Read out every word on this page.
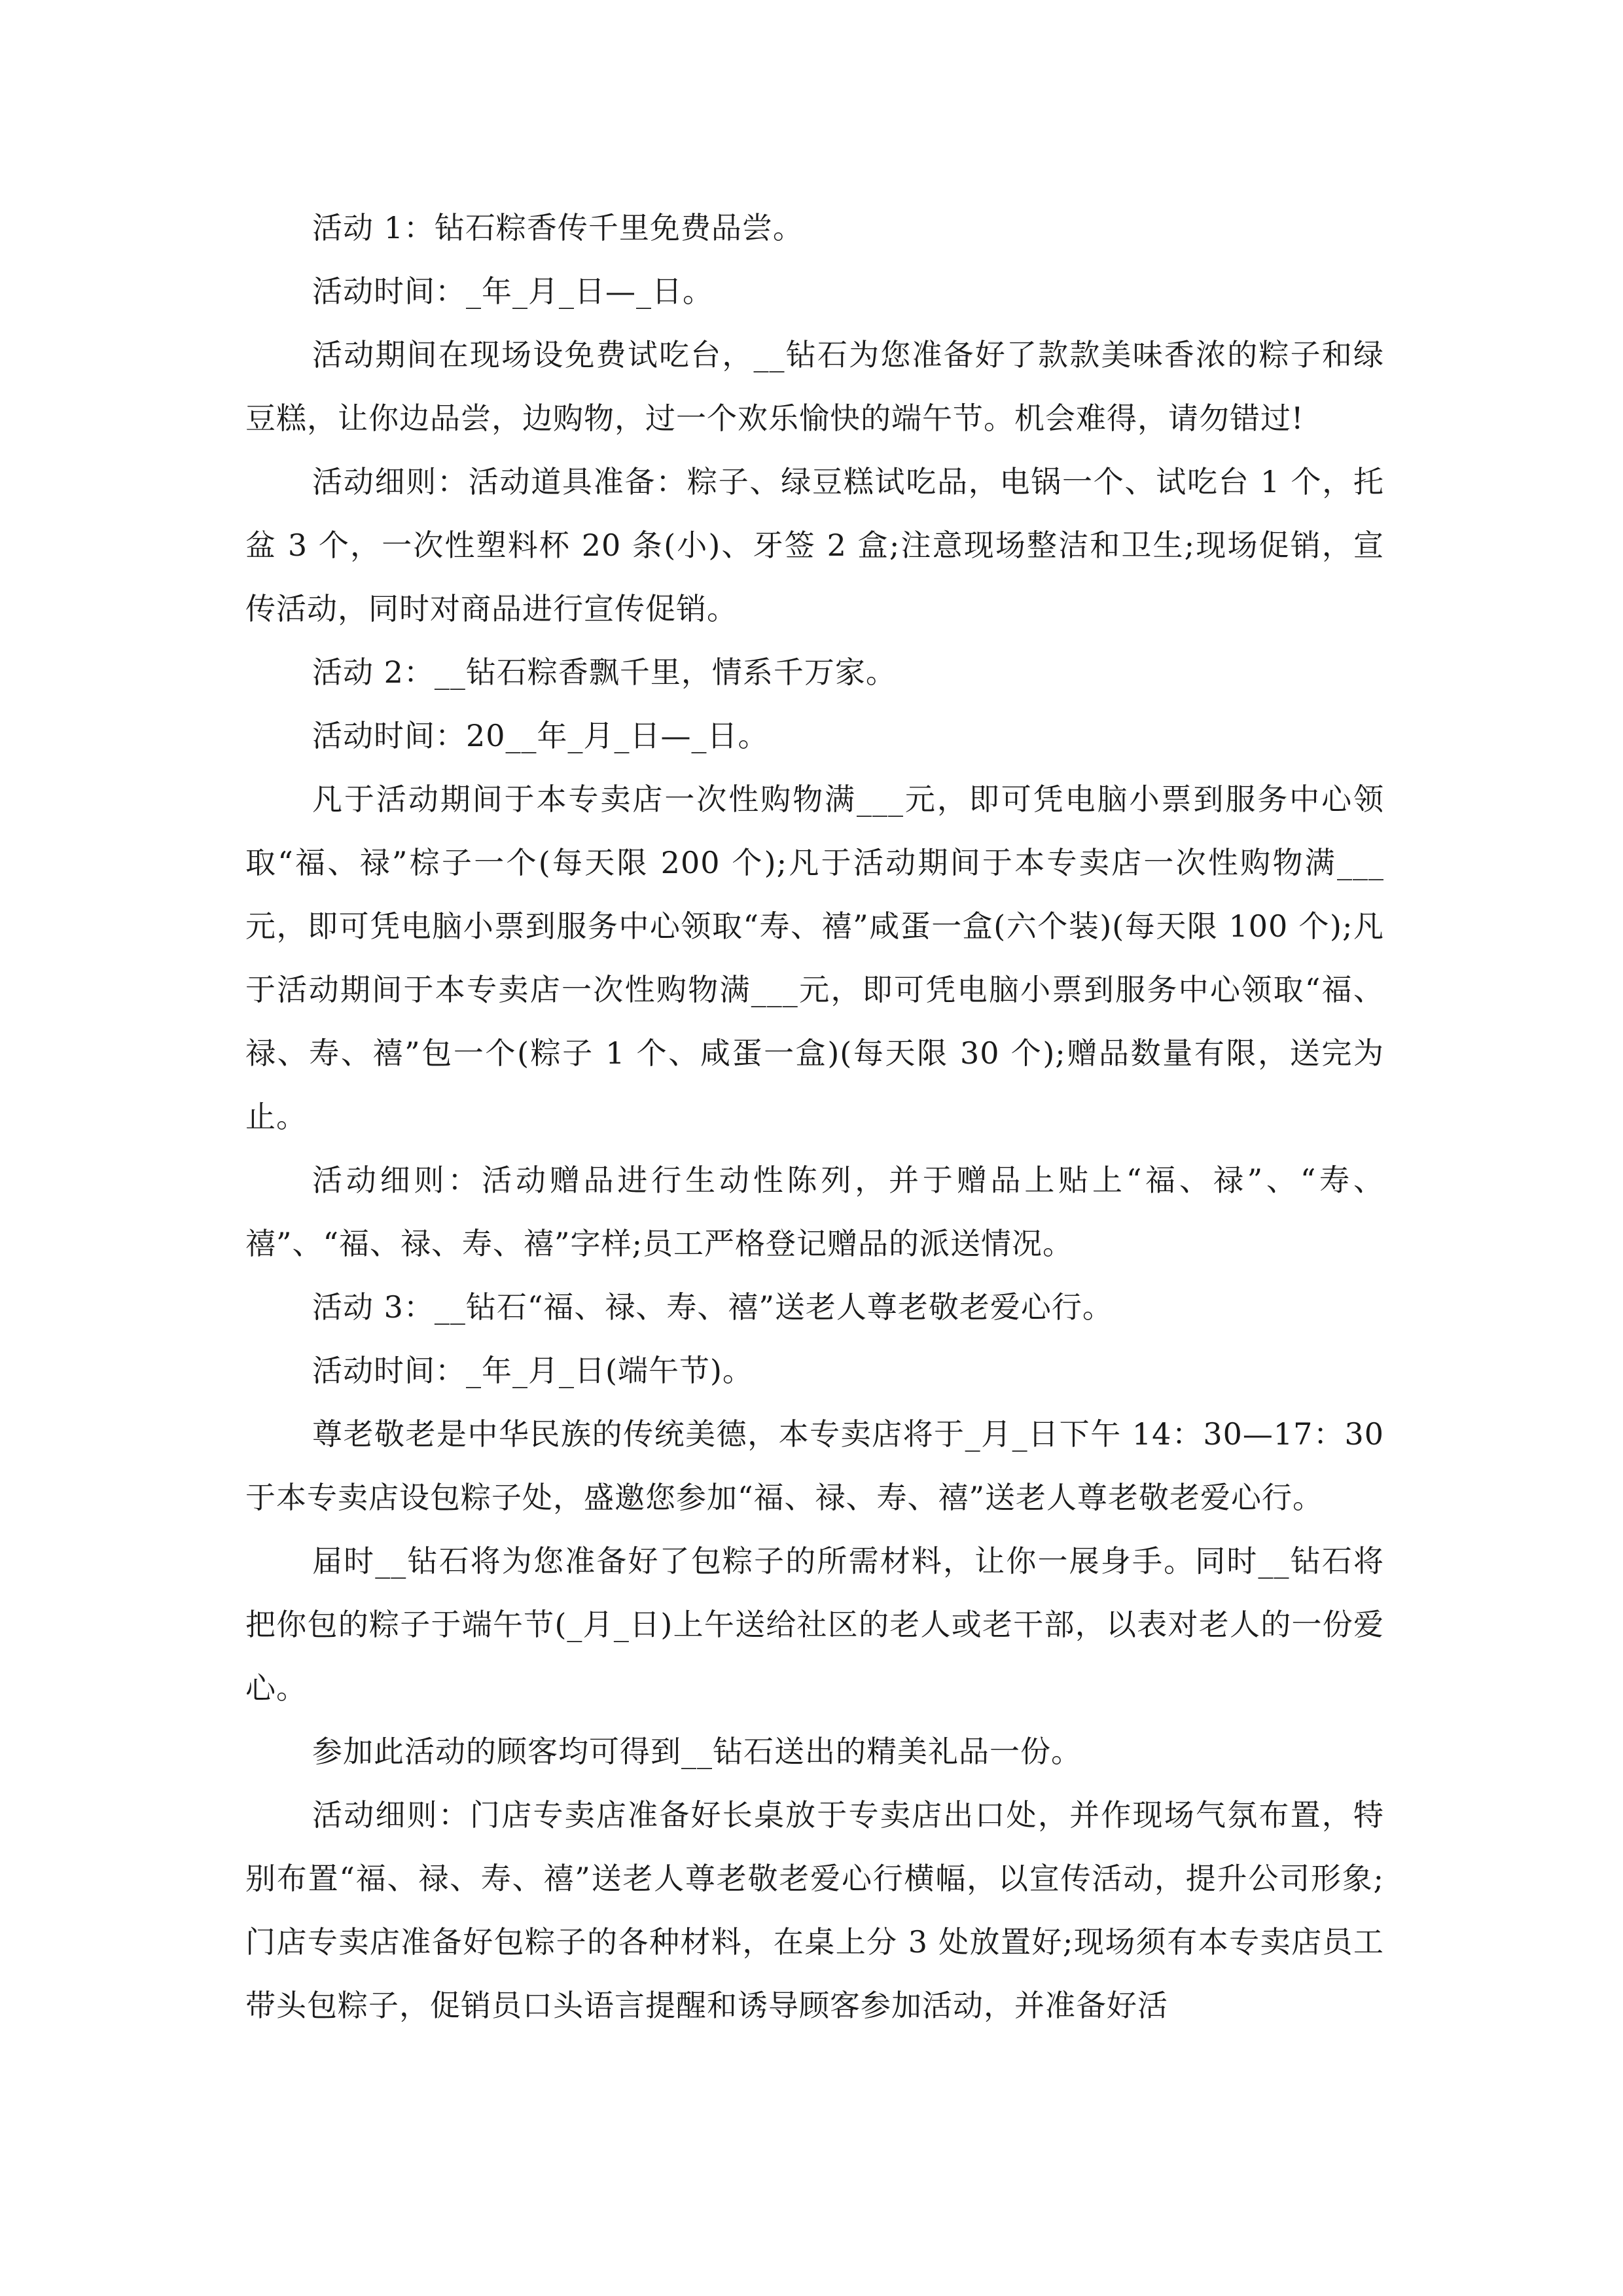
活动 1：钻石粽香传千里免费品尝。

活动时间：_年_月_日—_日。

活动期间在现场设免费试吃台，__钻石为您准备好了款款美味香浓的粽子和绿豆糕，让你边品尝，边购物，过一个欢乐愉快的端午节。机会难得，请勿错过!

活动细则：活动道具准备：粽子、绿豆糕试吃品，电锅一个、试吃台 1 个，托盆 3 个，一次性塑料杯 20 条(小)、牙签 2 盒;注意现场整洁和卫生;现场促销，宣传活动，同时对商品进行宣传促销。

活动 2：__钻石粽香飘千里，情系千万家。

活动时间：20__年_月_日—_日。

凡于活动期间于本专卖店一次性购物满___元，即可凭电脑小票到服务中心领取“福、禄”棕子一个(每天限 200 个);凡于活动期间于本专卖店一次性购物满___元，即可凭电脑小票到服务中心领取“寿、禧”咸蛋一盒(六个装)(每天限 100 个);凡于活动期间于本专卖店一次性购物满___元，即可凭电脑小票到服务中心领取“福、禄、寿、禧”包一个(粽子 1 个、咸蛋一盒)(每天限 30 个);赠品数量有限，送完为止。

活动细则：活动赠品进行生动性陈列，并于赠品上贴上“福、禄”、“寿、禧”、“福、禄、寿、禧”字样;员工严格登记赠品的派送情况。

活动 3：__钻石“福、禄、寿、禧”送老人尊老敬老爱心行。

活动时间：_年_月_日(端午节)。

尊老敬老是中华民族的传统美德，本专卖店将于_月_日下午 14：30—17：30 于本专卖店设包粽子处，盛邀您参加“福、禄、寿、禧”送老人尊老敬老爱心行。

届时__钻石将为您准备好了包粽子的所需材料，让你一展身手。同时__钻石将把你包的粽子于端午节(_月_日)上午送给社区的老人或老干部，以表对老人的一份爱心。

参加此活动的顾客均可得到__钻石送出的精美礼品一份。

活动细则：门店专卖店准备好长桌放于专卖店出口处，并作现场气氛布置，特别布置“福、禄、寿、禧”送老人尊老敬老爱心行横幅，以宣传活动，提升公司形象;门店专卖店准备好包粽子的各种材料，在桌上分 3 处放置好;现场须有本专卖店员工带头包粽子，促销员口头语言提醒和诱导顾客参加活动，并准备好活
